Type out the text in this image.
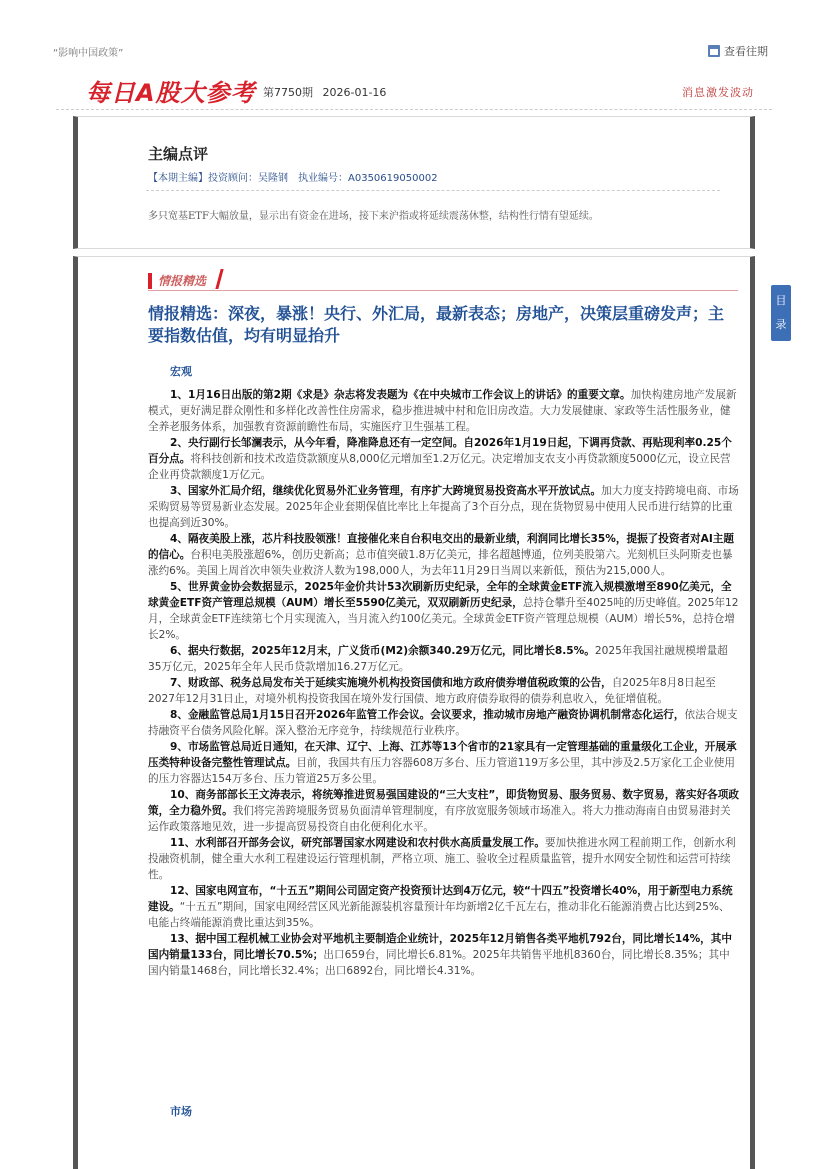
“影响中国政策”	查看往期
每日A股大参考 第7750期 2026-01-16	消息激发波动
主编点评
【本期主编】投资顾问：吴隆钢　执业编号：A0350619050002
多只宽基ETF大幅放量，显示出有资金在进场，接下来沪指或将延续震荡休整，结构性行情有望延续。
情报精选
情报精选：深夜，暴涨！央行、外汇局，最新表态；房地产，决策层重磅发声；主要指数估值，均有明显抬升
宏观

1、1月16日出版的第2期《求是》杂志将发表题为《在中央城市工作会议上的讲话》的重要文章。加快构建房地产发展新模式，更好满足群众刚性和多样化改善性住房需求，稳步推进城中村和危旧房改造。大力发展健康、家政等生活性服务业，健全养老服务体系，加强教育资源前瞻性布局，实施医疗卫生强基工程。

2、央行副行长邹澜表示，从今年看，降准降息还有一定空间。自2026年1月19日起，下调再贷款、再贴现利率0.25个百分点。将科技创新和技术改造贷款额度从8,000亿元增加至1.2万亿元。决定增加支农支小再贷款额度5000亿元，设立民营企业再贷款额度1万亿元。

3、国家外汇局介绍，继续优化贸易外汇业务管理，有序扩大跨境贸易投资高水平开放试点。加大力度支持跨境电商、市场采购贸易等贸易新业态发展。2025年企业套期保值比率比上年提高了3个百分点，现在货物贸易中使用人民币进行结算的比重也提高到近30%。

4、隔夜美股上涨，芯片科技股领涨！直接催化来自台积电交出的最新业绩，利润同比增长35%，提振了投资者对AI主题的信心。台积电美股涨超6%，创历史新高；总市值突破1.8万亿美元，排名超越博通，位列美股第六。光刻机巨头阿斯麦也暴涨约6%。美国上周首次申领失业救济人数为198,000人，为去年11月29日当周以来新低，预估为215,000人。

5、世界黄金协会数据显示，2025年金价共计53次刷新历史纪录，全年的全球黄金ETF流入规模激增至890亿美元，全球黄金ETF资产管理总规模（AUM）增长至5590亿美元，双双刷新历史纪录，总持仓攀升至4025吨的历史峰值。2025年12月，全球黄金ETF连续第七个月实现流入，当月流入约100亿美元。全球黄金ETF资产管理总规模（AUM）增长5%，总持仓增长2%。

6、据央行数据，2025年12月末，广义货币(M2)余额340.29万亿元，同比增长8.5%。2025年我国社融规模增量超35万亿元，2025年全年人民币贷款增加16.27万亿元。

7、财政部、税务总局发布关于延续实施境外机构投资国债和地方政府债券增值税政策的公告，自2025年8月8日起至2027年12月31日止，对境外机构投资我国在境外发行国债、地方政府债券取得的债券利息收入，免征增值税。

8、金融监管总局1月15日召开2026年监管工作会议。会议要求，推动城市房地产融资协调机制常态化运行，依法合规支持融资平台债务风险化解。深入整治无序竞争，持续规范行业秩序。

9、市场监管总局近日通知，在天津、辽宁、上海、江苏等13个省市的21家具有一定管理基础的重量级化工企业，开展承压类特种设备完整性管理试点。目前，我国共有压力容器608万多台、压力管道119万多公里，其中涉及2.5万家化工企业使用的压力容器达154万多台、压力管道25万多公里。

10、商务部部长王文涛表示，将统筹推进贸易强国建设的“三大支柱”，即货物贸易、服务贸易、数字贸易，落实好各项政策，全力稳外贸。我们将完善跨境服务贸易负面清单管理制度，有序放宽服务领域市场准入。将大力推动海南自由贸易港封关运作政策落地见效，进一步提高贸易投资自由化便利化水平。

11、水利部召开部务会议，研究部署国家水网建设和农村供水高质量发展工作。要加快推进水网工程前期工作，创新水利投融资机制，健全重大水利工程建设运行管理机制，严格立项、施工、验收全过程质量监管，提升水网安全韧性和运营可持续性。

12、国家电网宣布，“十五五”期间公司固定资产投资预计达到4万亿元，较“十四五”投资增长40%，用于新型电力系统建设。“十五五”期间，国家电网经营区风光新能源装机容量预计年均新增2亿千瓦左右，推动非化石能源消费占比达到25%、电能占终端能源消费比重达到35%。

13、据中国工程机械工业协会对平地机主要制造企业统计，2025年12月销售各类平地机792台，同比增长14%，其中国内销量133台，同比增长70.5%；出口659台，同比增长6.81%。2025年共销售平地机8360台，同比增长8.35%；其中国内销量1468台，同比增长32.4%；出口6892台，同比增长4.31%。

市场
目录
